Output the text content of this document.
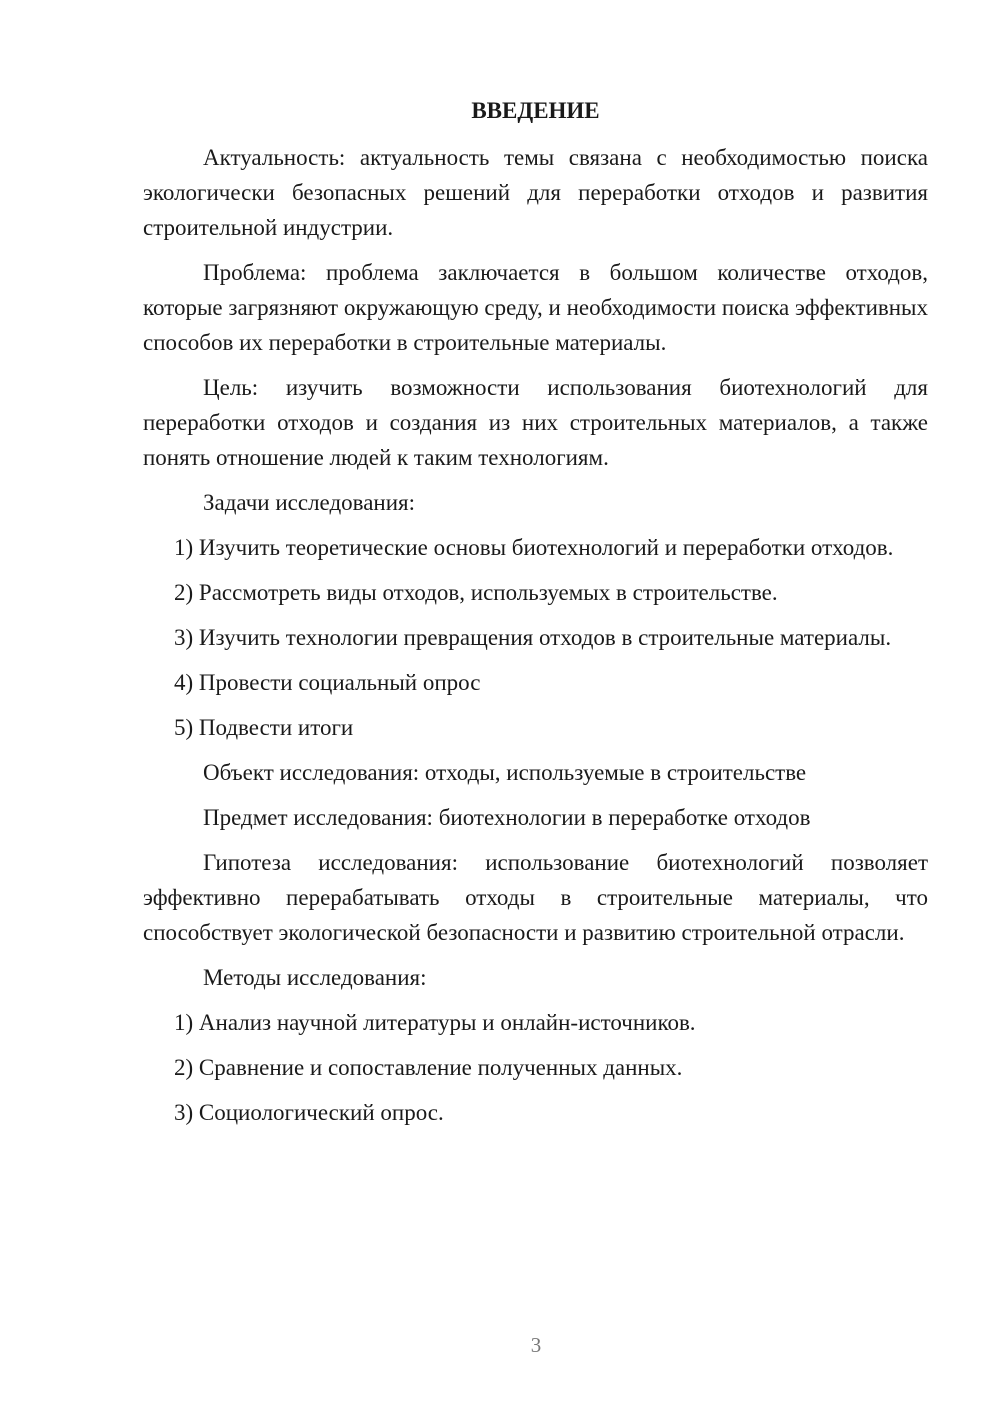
ВВЕДЕНИЕ

Актуальность: актуальность темы связана с необходимостью поиска экологически безопасных решений для переработки отходов и развития строительной индустрии.

Проблема: проблема заключается в большом количестве отходов, которые загрязняют окружающую среду, и необходимости поиска эффективных способов их переработки в строительные материалы.

Цель: изучить возможности использования биотехнологий для переработки отходов и создания из них строительных материалов, а также понять отношение людей к таким технологиям.

Задачи исследования:

1) Изучить теоретические основы биотехнологий и переработки отходов.

2) Рассмотреть виды отходов, используемых в строительстве.

3) Изучить технологии превращения отходов в строительные материалы.

4) Провести социальный опрос

5) Подвести итоги

Объект исследования: отходы, используемые в строительстве

Предмет исследования: биотехнологии в переработке отходов

Гипотеза исследования: использование биотехнологий позволяет эффективно перерабатывать отходы в строительные материалы, что способствует экологической безопасности и развитию строительной отрасли.

Методы исследования:

1) Анализ научной литературы и онлайн-источников.

2) Сравнение и сопоставление полученных данных.

3) Социологический опрос.

3
